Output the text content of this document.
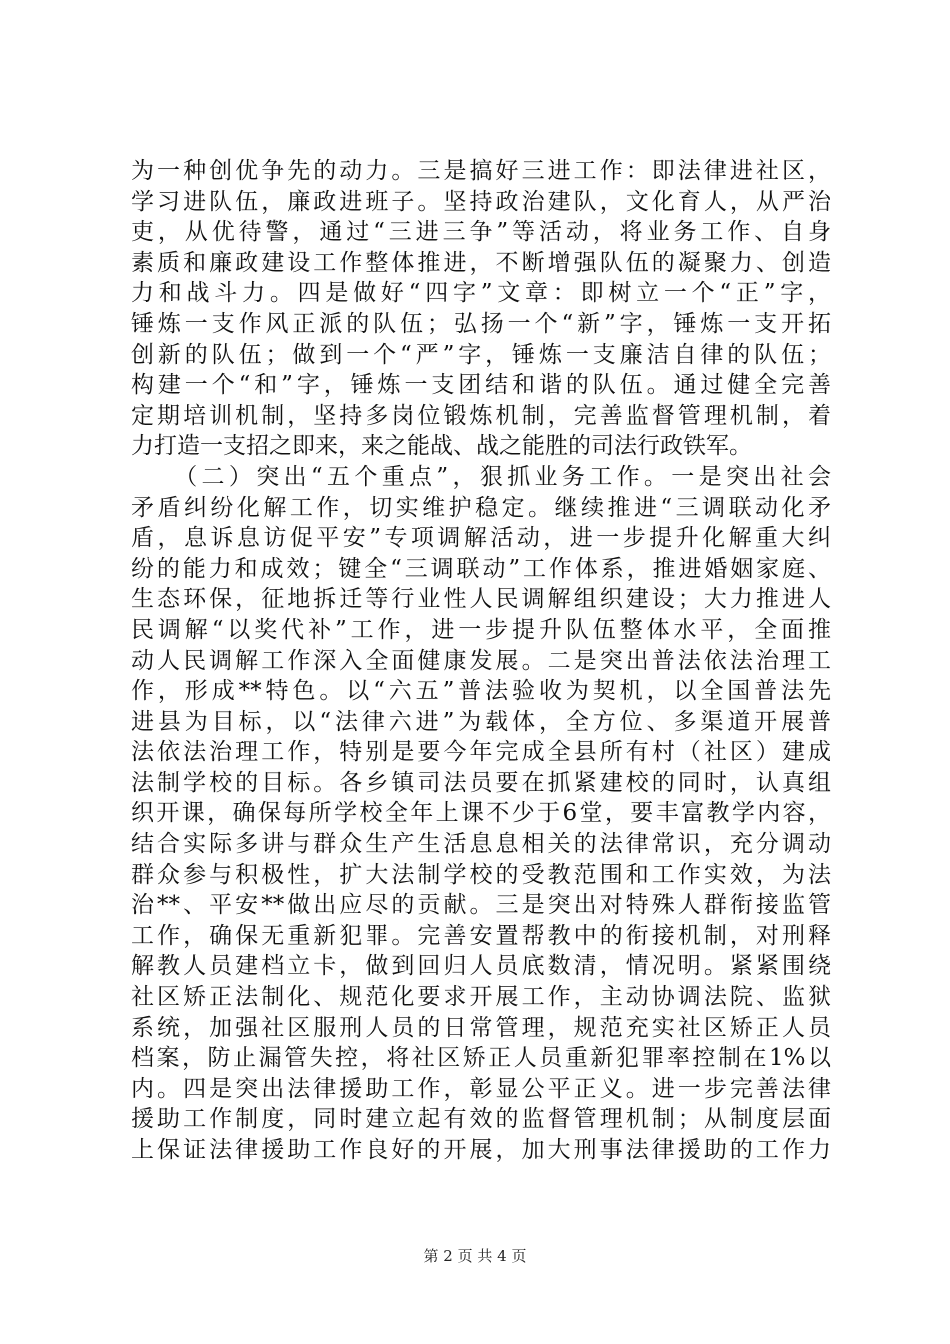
为一种创优争先的动力。三是搞好三进工作：即法律进社区，
学习进队伍，廉政进班子。坚持政治建队，文化育人，从严治
吏，从优待警，通过“三进三争”等活动，将业务工作、自身
素质和廉政建设工作整体推进，不断增强队伍的凝聚力、创造
力和战斗力。四是做好“四字”文章：即树立一个“正”字，
锤炼一支作风正派的队伍；弘扬一个“新”字，锤炼一支开拓
创新的队伍；做到一个“严”字，锤炼一支廉洁自律的队伍；
构建一个“和”字，锤炼一支团结和谐的队伍。通过健全完善
定期培训机制，坚持多岗位锻炼机制，完善监督管理机制，着
力打造一支招之即来，来之能战、战之能胜的司法行政铁军。
　　（二）突出“五个重点”，狠抓业务工作。一是突出社会
矛盾纠纷化解工作，切实维护稳定。继续推进“三调联动化矛
盾，息诉息访促平安”专项调解活动，进一步提升化解重大纠
纷的能力和成效；键全“三调联动”工作体系，推进婚姻家庭、
生态环保，征地拆迁等行业性人民调解组织建设；大力推进人
民调解“以奖代补”工作，进一步提升队伍整体水平，全面推
动人民调解工作深入全面健康发展。二是突出普法依法治理工
作，形成**特色。以“六五”普法验收为契机，以全国普法先
进县为目标，以“法律六进”为载体，全方位、多渠道开展普
法依法治理工作，特别是要今年完成全县所有村（社区）建成
法制学校的目标。各乡镇司法员要在抓紧建校的同时，认真组
织开课，确保每所学校全年上课不少于6堂，要丰富教学内容，
结合实际多讲与群众生产生活息息相关的法律常识，充分调动
群众参与积极性，扩大法制学校的受教范围和工作实效，为法
治**、平安**做出应尽的贡献。三是突出对特殊人群衔接监管
工作，确保无重新犯罪。完善安置帮教中的衔接机制，对刑释
解教人员建档立卡，做到回归人员底数清，情况明。紧紧围绕
社区矫正法制化、规范化要求开展工作，主动协调法院、监狱
系统，加强社区服刑人员的日常管理，规范充实社区矫正人员
档案，防止漏管失控，将社区矫正人员重新犯罪率控制在1%以
内。四是突出法律援助工作，彰显公平正义。进一步完善法律
援助工作制度，同时建立起有效的监督管理机制；从制度层面
上保证法律援助工作良好的开展，加大刑事法律援助的工作力
第 2 页 共 4 页
